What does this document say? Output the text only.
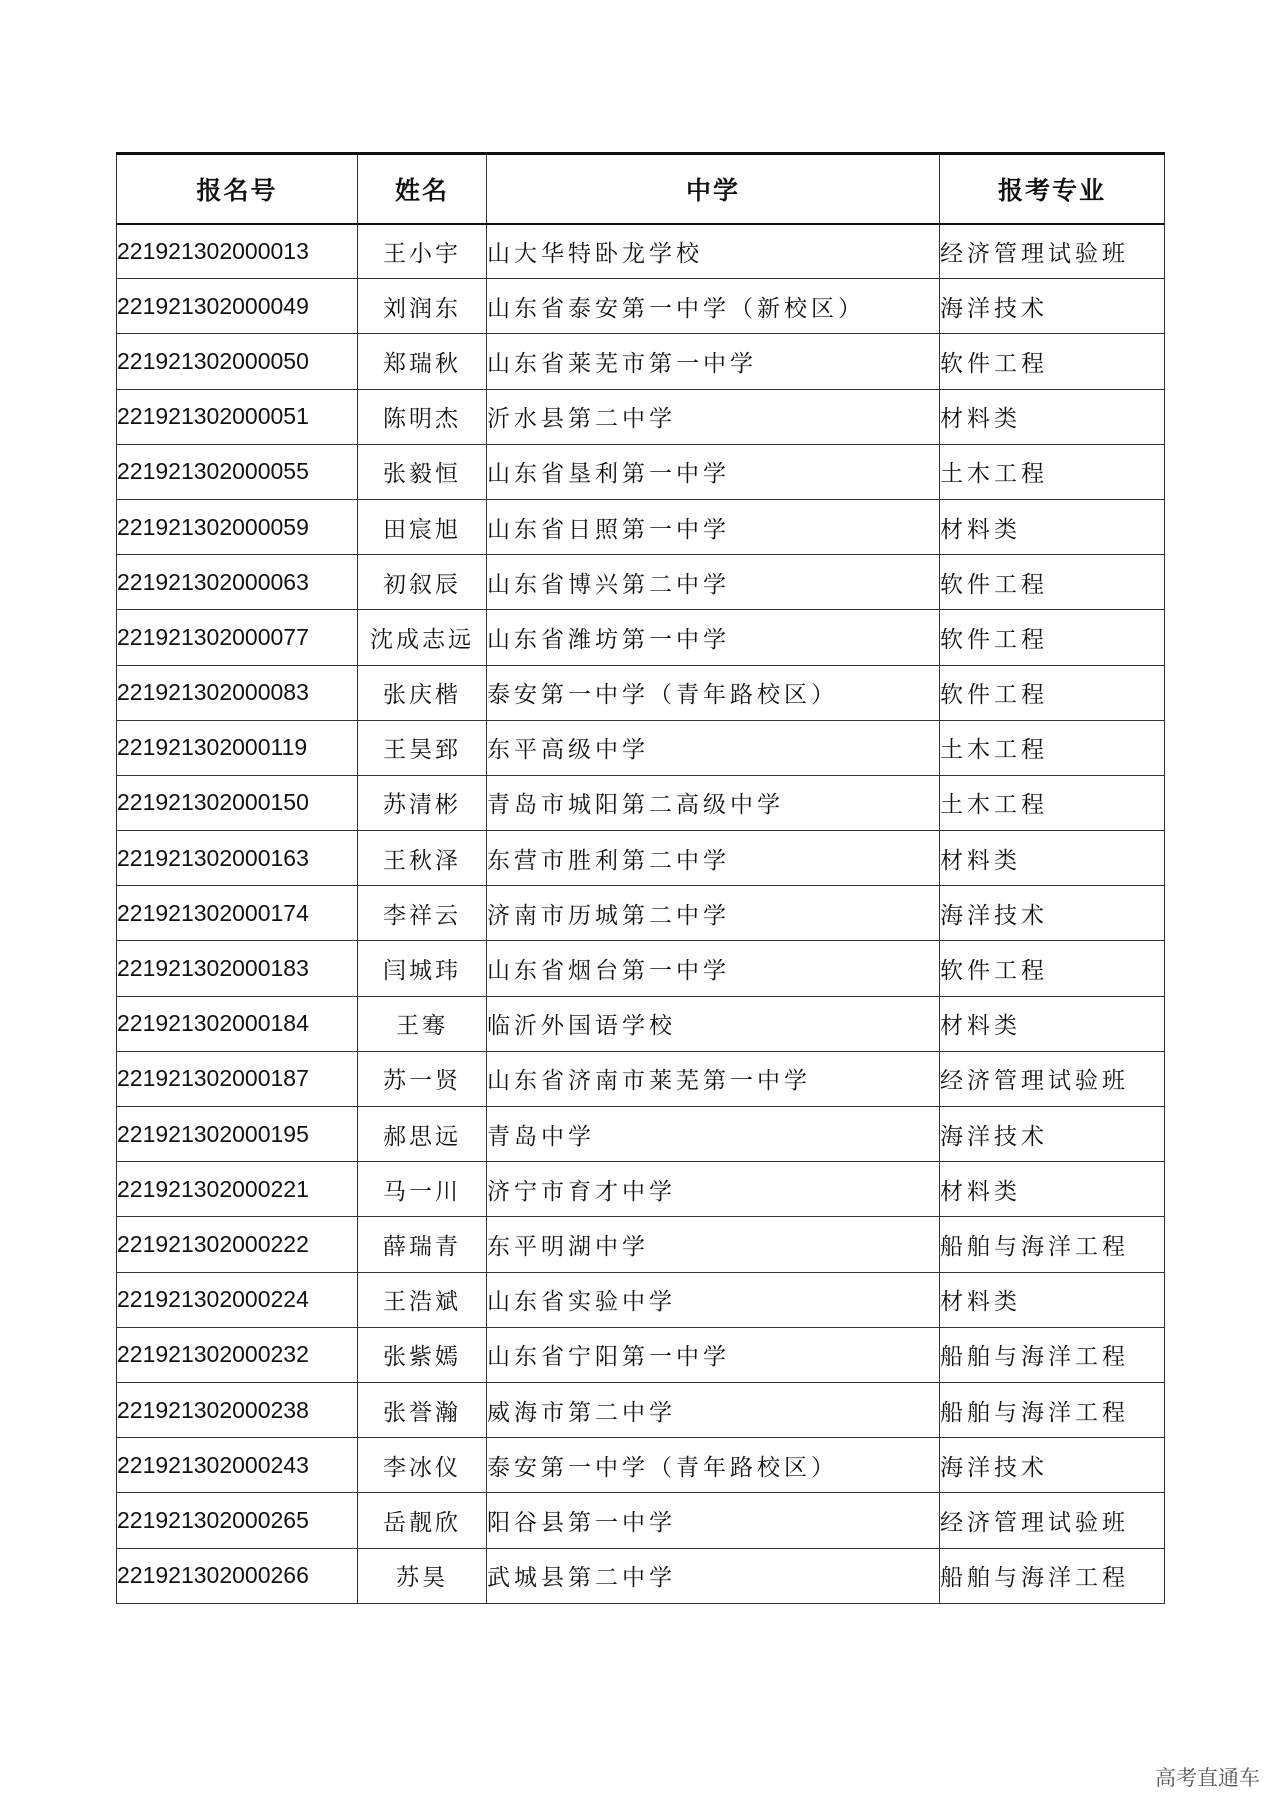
报名号	姓名	中学	报考专业
221921302000013	王小宇	山大华特卧龙学校	经济管理试验班
221921302000049	刘润东	山东省泰安第一中学（新校区）	海洋技术
221921302000050	郑瑞秋	山东省莱芜市第一中学	软件工程
221921302000051	陈明杰	沂水县第二中学	材料类
221921302000055	张毅恒	山东省垦利第一中学	土木工程
221921302000059	田宸旭	山东省日照第一中学	材料类
221921302000063	初叙辰	山东省博兴第二中学	软件工程
221921302000077	沈成志远	山东省潍坊第一中学	软件工程
221921302000083	张庆楷	泰安第一中学（青年路校区）	软件工程
221921302000119	王昊郅	东平高级中学	土木工程
221921302000150	苏清彬	青岛市城阳第二高级中学	土木工程
221921302000163	王秋泽	东营市胜利第二中学	材料类
221921302000174	李祥云	济南市历城第二中学	海洋技术
221921302000183	闫城玮	山东省烟台第一中学	软件工程
221921302000184	王骞	临沂外国语学校	材料类
221921302000187	苏一贤	山东省济南市莱芜第一中学	经济管理试验班
221921302000195	郝思远	青岛中学	海洋技术
221921302000221	马一川	济宁市育才中学	材料类
221921302000222	薛瑞青	东平明湖中学	船舶与海洋工程
221921302000224	王浩斌	山东省实验中学	材料类
221921302000232	张紫嫣	山东省宁阳第一中学	船舶与海洋工程
221921302000238	张誉瀚	威海市第二中学	船舶与海洋工程
221921302000243	李冰仪	泰安第一中学（青年路校区）	海洋技术
221921302000265	岳靓欣	阳谷县第一中学	经济管理试验班
221921302000266	苏昊	武城县第二中学	船舶与海洋工程
高考直通车
